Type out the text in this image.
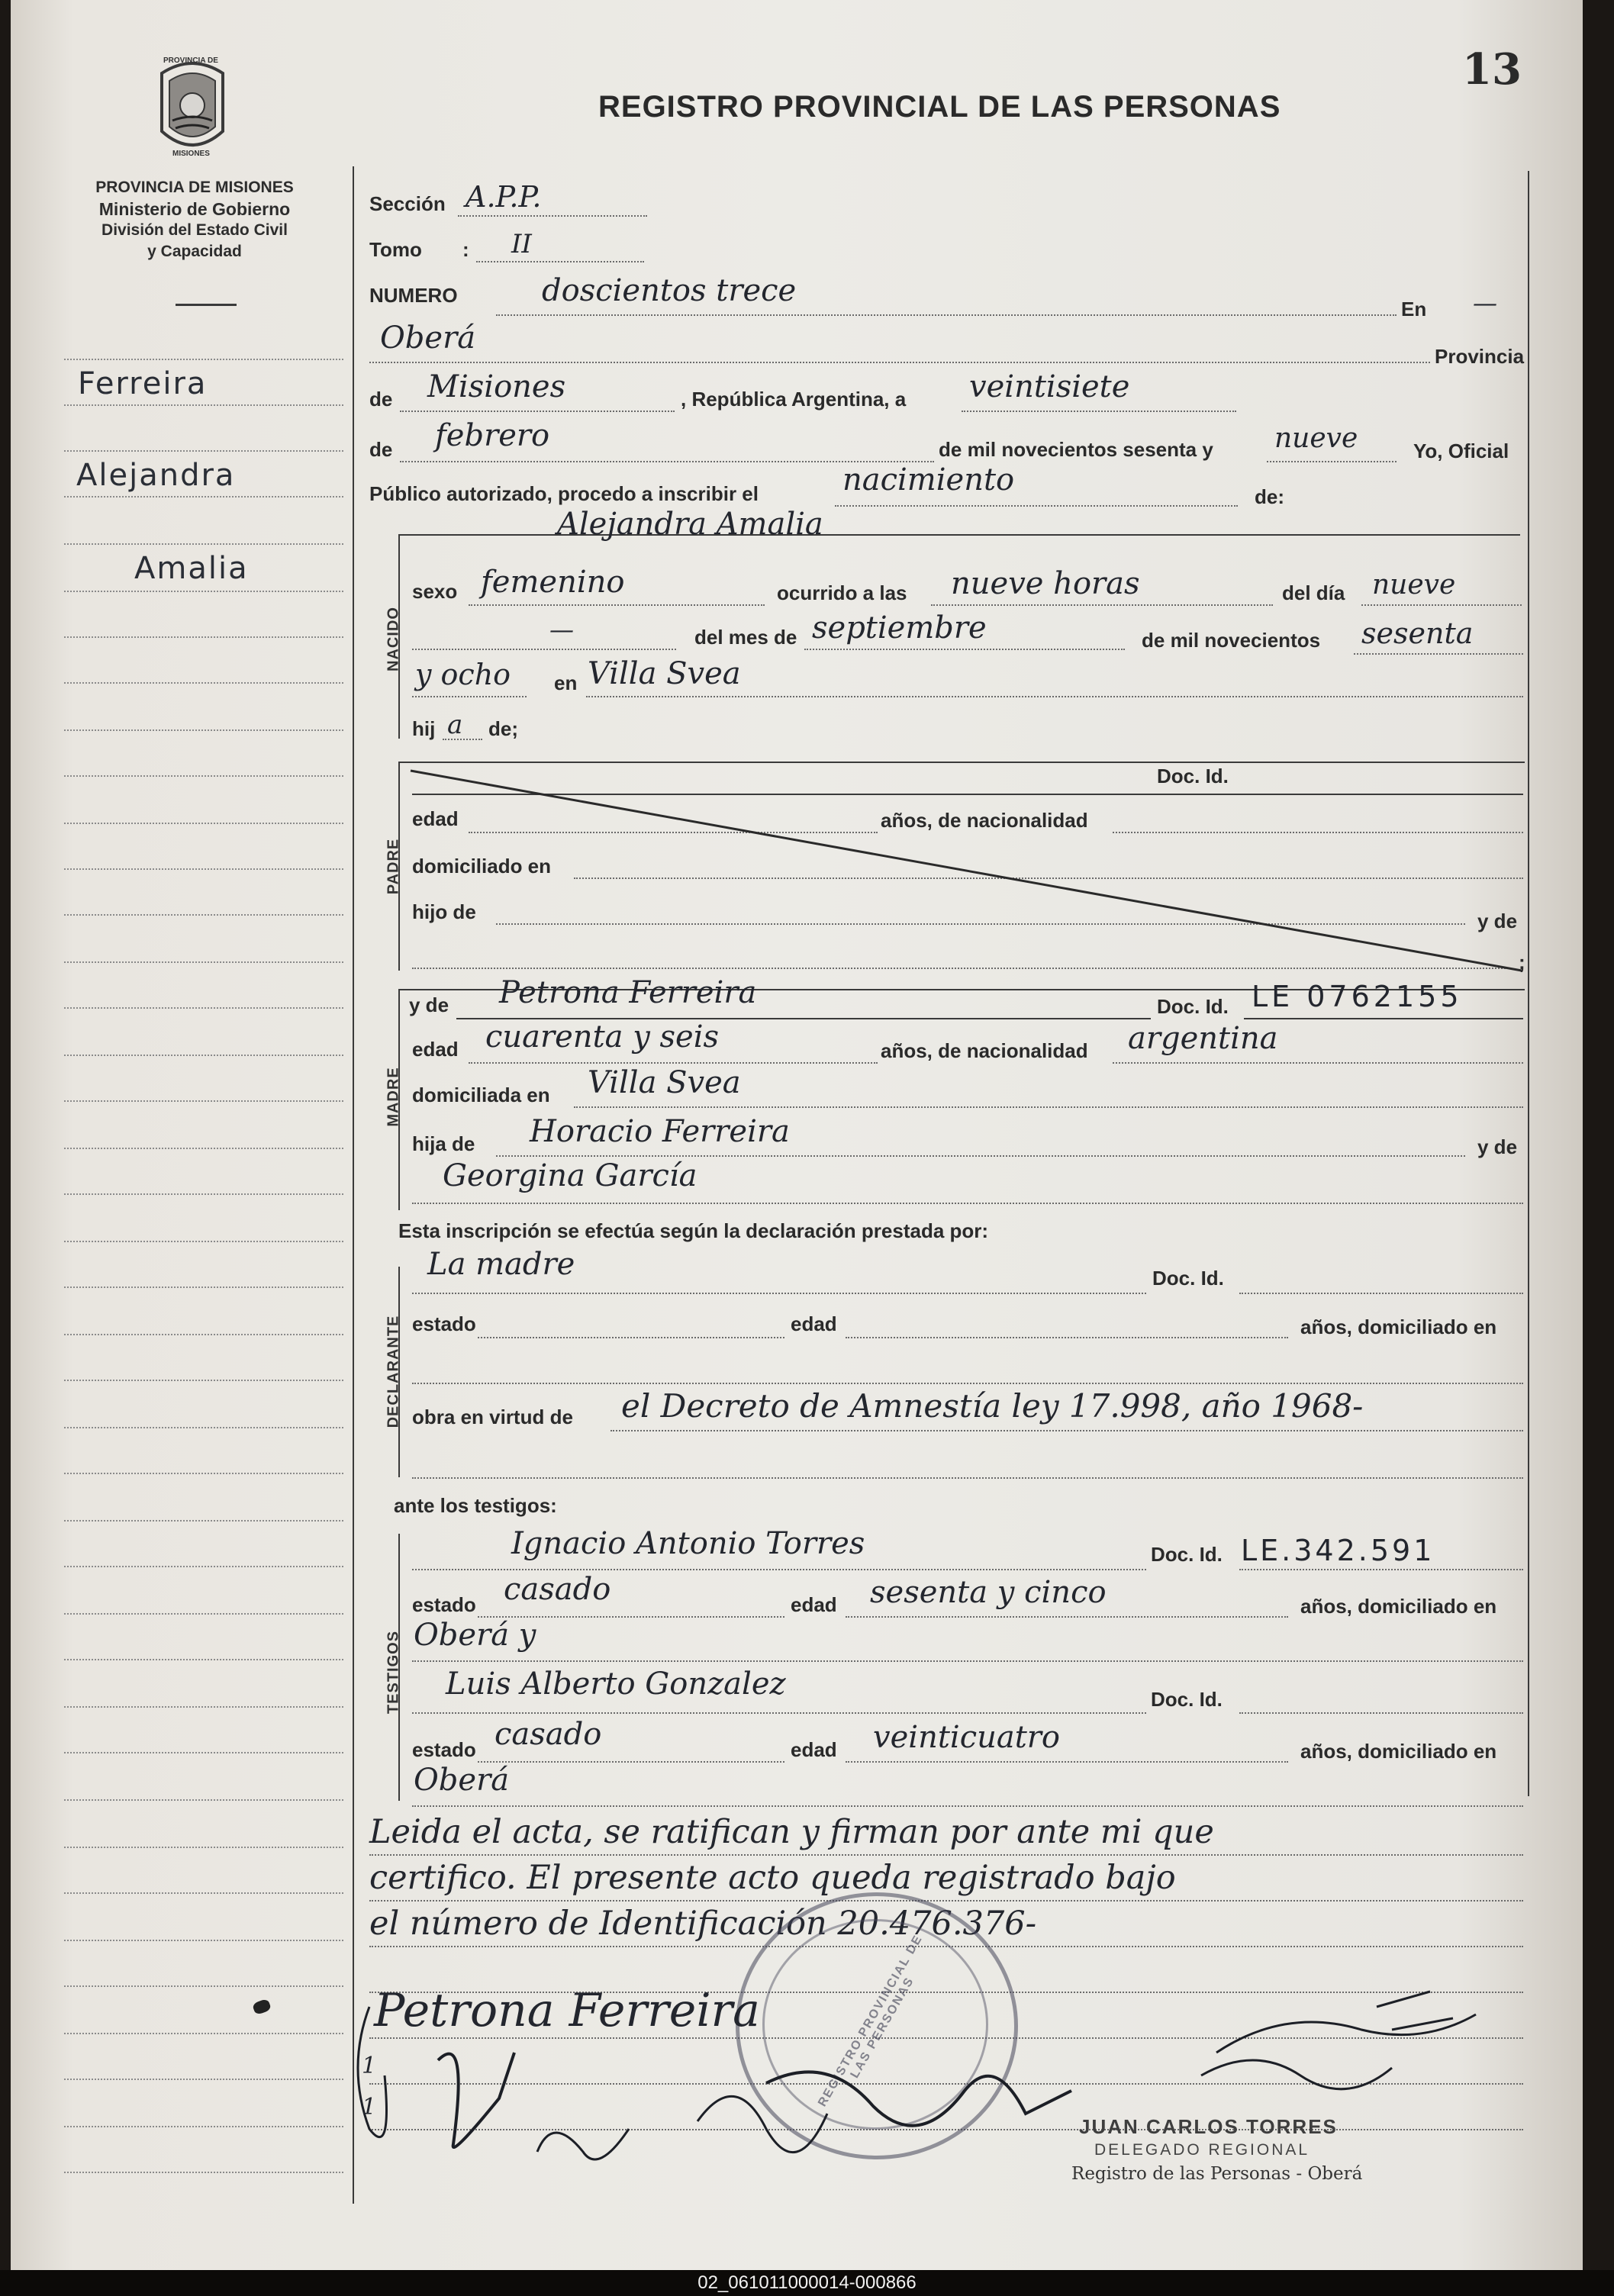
PROVINCIA DE
MISIONES
PROVINCIA DE MISIONES
Ministerio de Gobierno
División del Estado Civil
y Capacidad
REGISTRO PROVINCIAL DE LAS PERSONAS
13
Ferreira
Alejandra
Amalia
Sección A.P.P.
Tomo : II
NUMERO	doscientos trece
En —
Oberá
Provincia
de Misiones	, República Argentina, a veintisiete
de febrero	de mil novecientos sesenta y nueve	Yo, Oficial
Público autorizado, procedo a inscribir el	nacimiento	de:
NACIDO
Alejandra Amalia
sexo femenino	ocurrido a las nueve horas	del día nueve
—	del mes de septiembre	de mil novecientos sesenta
y ocho en Villa Svea
hij a de;
PADRE
Doc. Id.
edad	años, de nacionalidad
domiciliado en
hijo de	y de
;
MADRE
y de Petrona Ferreira	Doc. Id. LE 0762155
edad cuarenta y seis	años, de nacionalidad argentina
domiciliada en Villa Svea
hija de Horacio Ferreira	y de
Georgina García
Esta inscripción se efectúa según la declaración prestada por:
DECLARANTE
La madre	Doc. Id.
estado	edad	años, domiciliado en
obra en virtud de el Decreto de Amnestía ley 17.998, año 1968-
ante los testigos:
TESTIGOS
Ignacio Antonio Torres	Doc. Id. LE.342.591
estado casado	edad sesenta y cinco	años, domiciliado en
Oberá y
Luis Alberto Gonzalez	Doc. Id.
estado casado	edad veinticuatro	años, domiciliado en
Oberá
Leida el acta, se ratifican y firman por ante mi que
certifico. El presente acto queda registrado bajo
el número de Identificación 20.476.376-
REGISTRO PROVINCIAL DE LAS PERSONAS
Petrona Ferreira
1
1
JUAN CARLOS TORRES
DELEGADO REGIONAL
Registro de las Personas - Oberá
02_061011000014-000866
